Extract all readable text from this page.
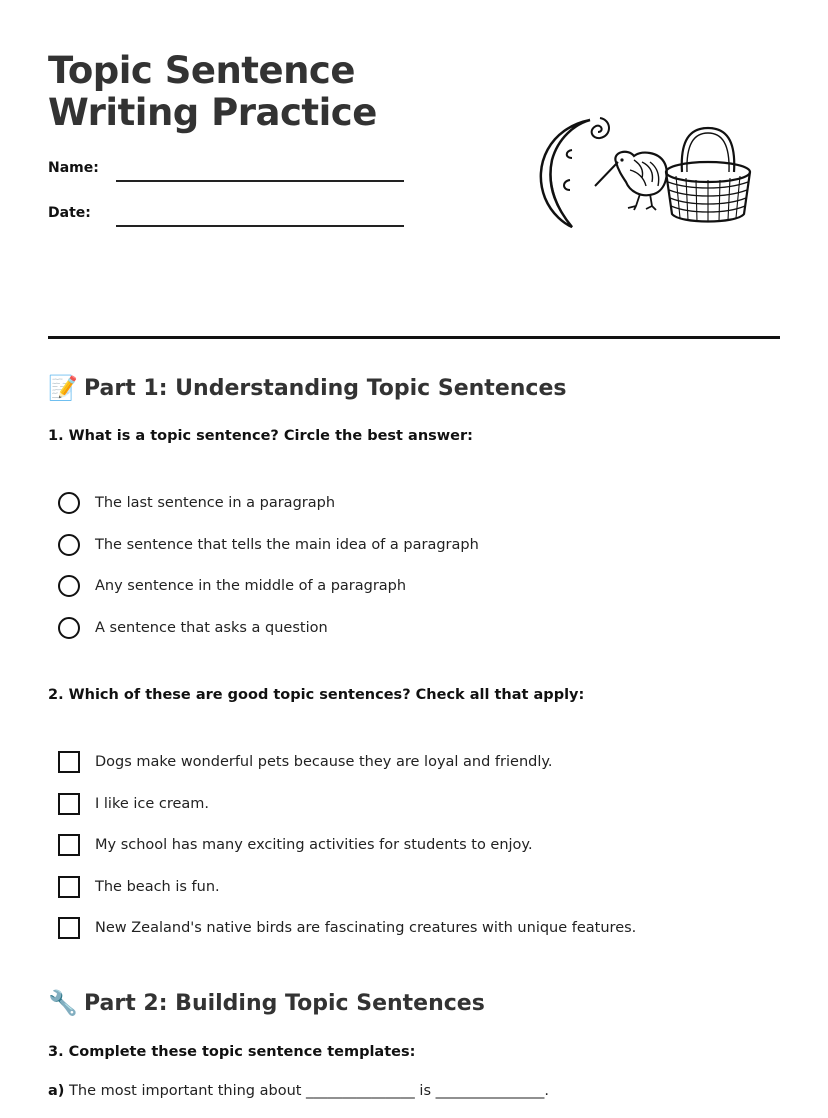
Topic Sentence Writing Practice
Name:
Date:
📝 Part 1: Understanding Topic Sentences
1. What is a topic sentence? Circle the best answer:
The last sentence in a paragraph
The sentence that tells the main idea of a paragraph
Any sentence in the middle of a paragraph
A sentence that asks a question
2. Which of these are good topic sentences? Check all that apply:
Dogs make wonderful pets because they are loyal and friendly.
I like ice cream.
My school has many exciting activities for students to enjoy.
The beach is fun.
New Zealand's native birds are fascinating creatures with unique features.
🔧 Part 2: Building Topic Sentences
3. Complete these topic sentence templates:
a) The most important thing about _______________ is _______________.
